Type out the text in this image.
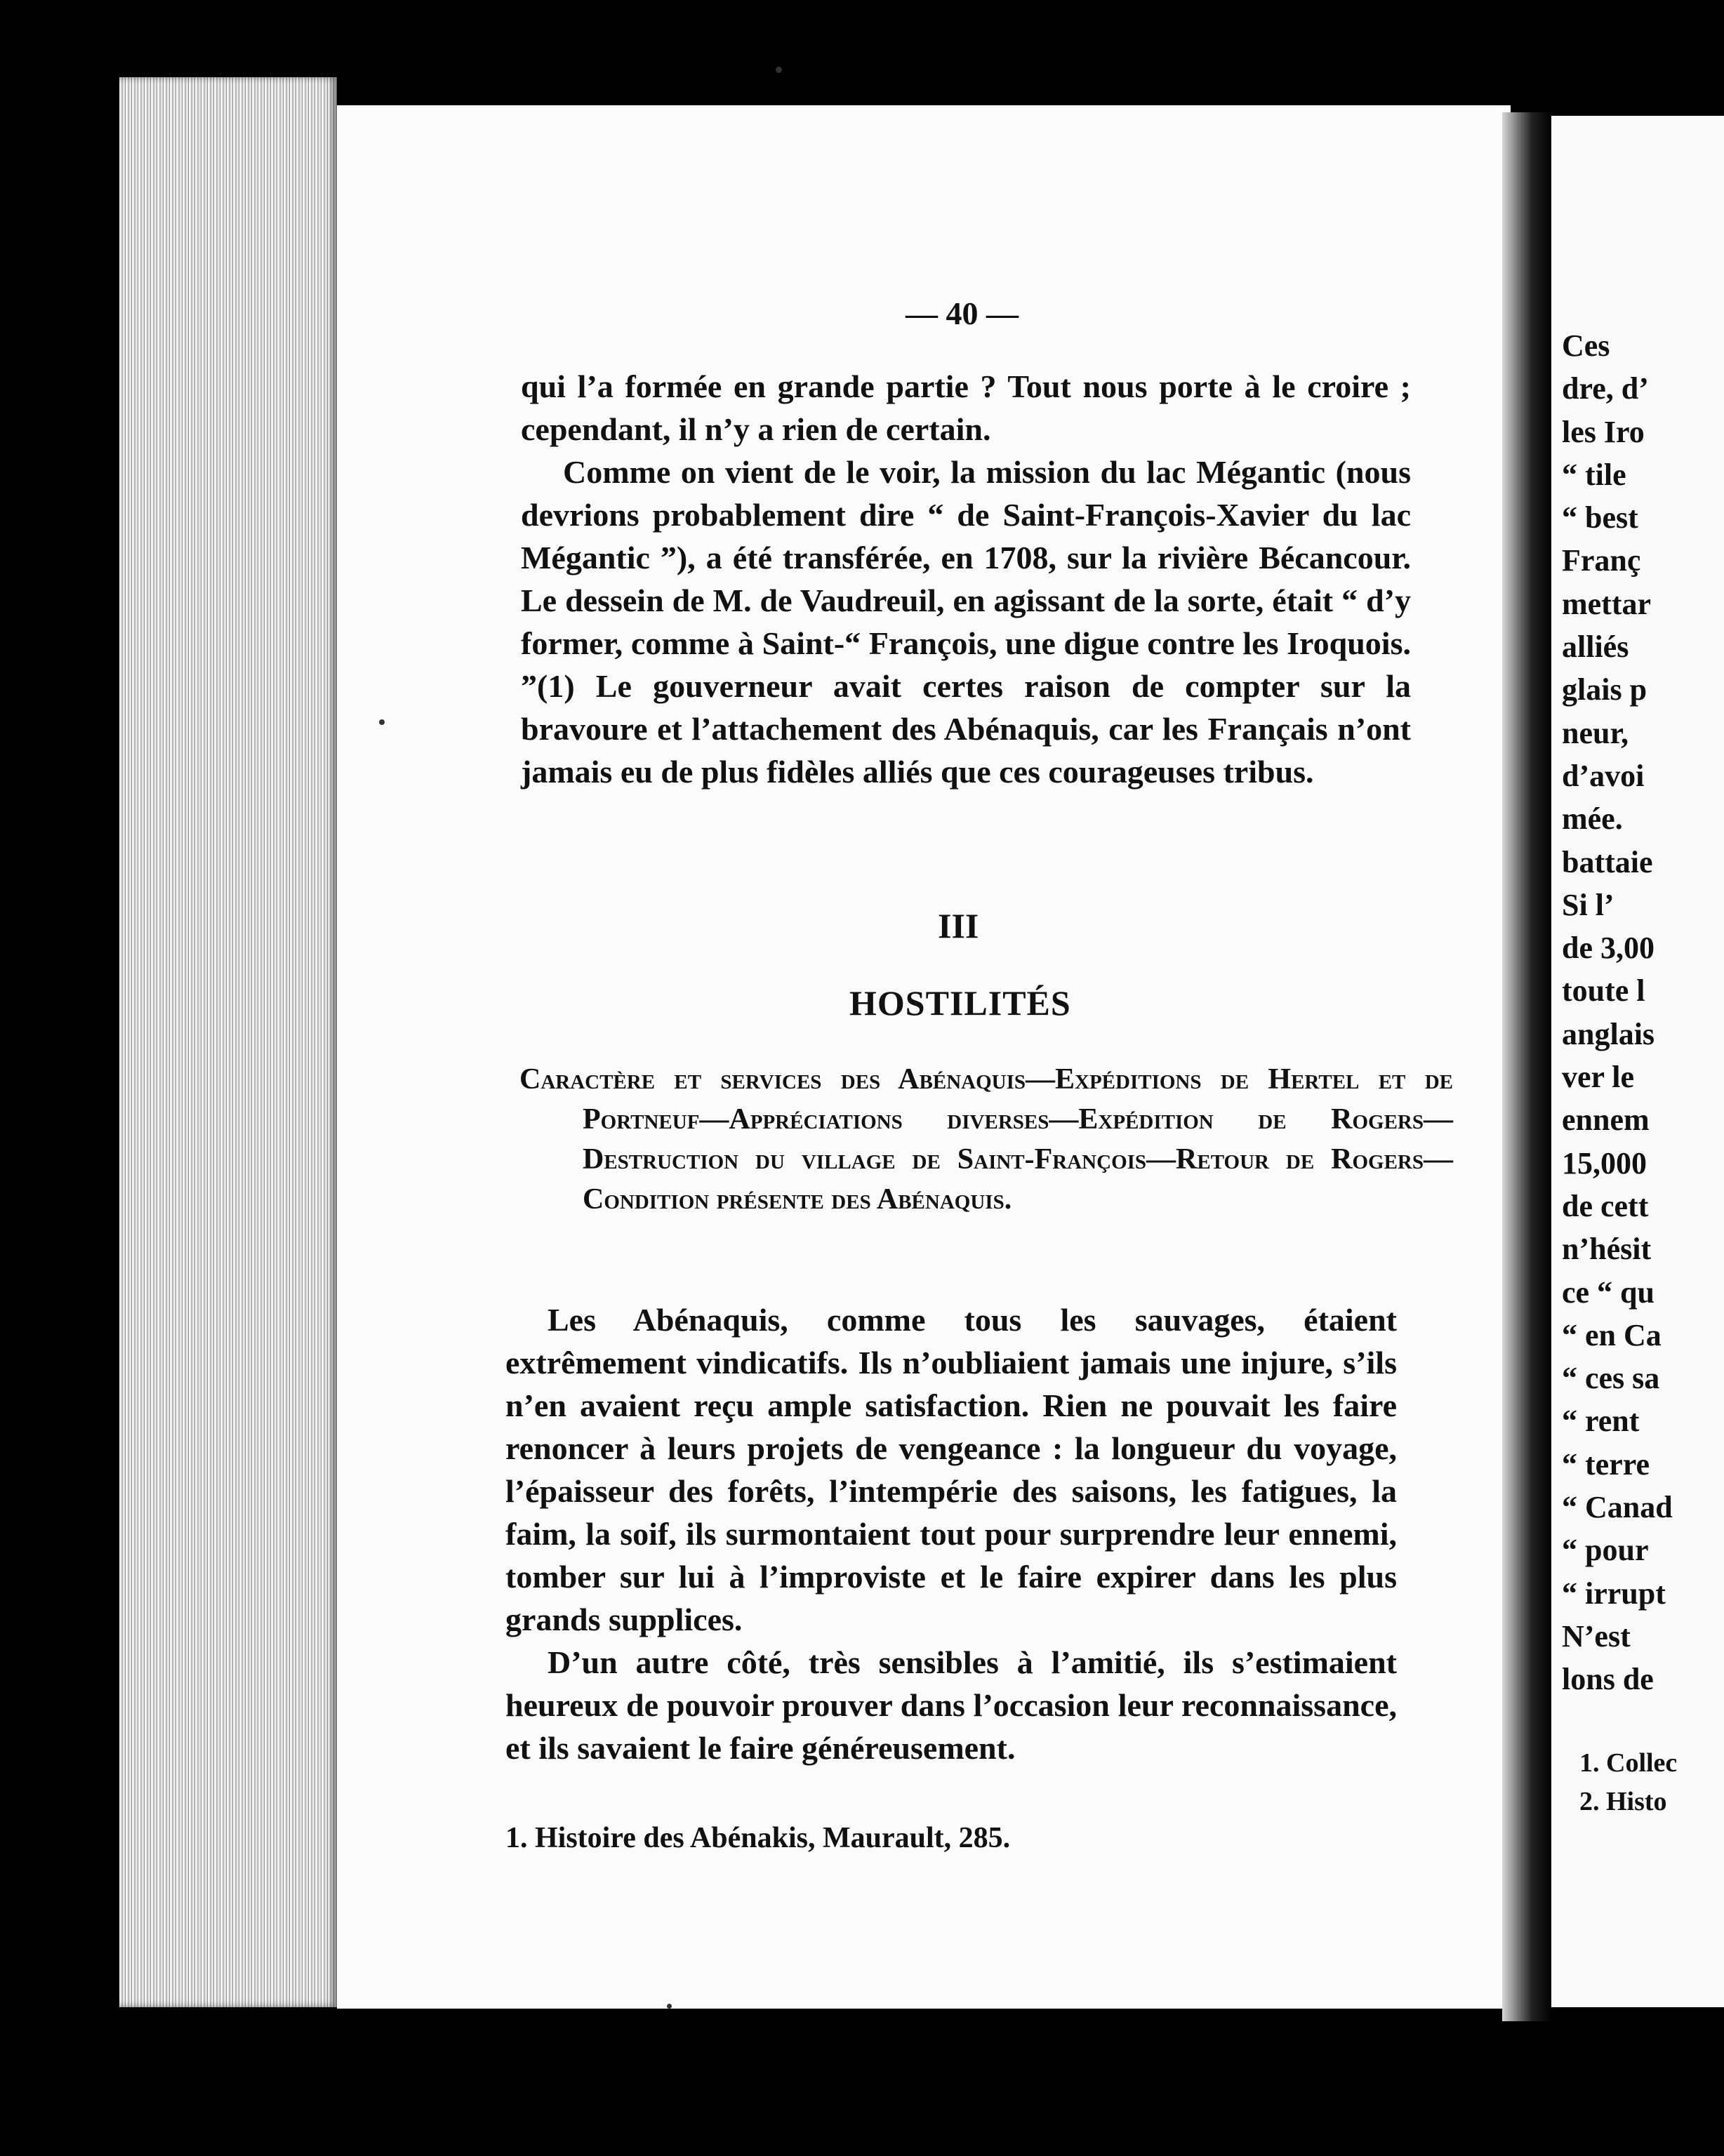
— 40 —

qui l’a formée en grande partie ? Tout nous porte à le croire ; cependant, il n’y a rien de certain.

Comme on vient de le voir, la mission du lac Mégantic (nous devrions probablement dire “ de Saint-François-Xavier du lac Mégantic ”), a été transférée, en 1708, sur la rivière Bécancour. Le dessein de M. de Vaudreuil, en agissant de la sorte, était “ d’y former, comme à Saint-“ François, une digue contre les Iroquois. ”(1) Le gouverneur avait certes raison de compter sur la bravoure et l’attachement des Abénaquis, car les Français n’ont jamais eu de plus fidèles alliés que ces courageuses tribus.

III
HOSTILITÉS
Caractère et services des Abénaquis—Expéditions de Hertel et de Portneuf—Appréciations diverses—Expédition de Rogers—Destruction du village de Saint-François—Retour de Rogers—Condition présente des Abénaquis.

Les Abénaquis, comme tous les sauvages, étaient extrêmement vindicatifs. Ils n’oubliaient jamais une injure, s’ils n’en avaient reçu ample satisfaction. Rien ne pouvait les faire renoncer à leurs projets de vengeance : la longueur du voyage, l’épaisseur des forêts, l’intempérie des saisons, les fatigues, la faim, la soif, ils surmontaient tout pour surprendre leur ennemi, tomber sur lui à l’improviste et le faire expirer dans les plus grands supplices.

D’un autre côté, très sensibles à l’amitié, ils s’estimaient heureux de pouvoir prouver dans l’occasion leur reconnaissance, et ils savaient le faire généreusement.

1. Histoire des Abénakis, Maurault, 285.
Ces
dre, d’
les Iro
“ tile
“ best
Franç
mettar
alliés
glais p
neur,
d’avoi
mée.
battaie
Si l’
de 3,00
toute l
anglais
ver le
ennem
15,000
de cett
n’hésit
ce “ qu
“ en Ca
“ ces sa
“ rent
“ terre
“ Canad
“ pour
“ irrupt
N’est
lons de
1. Collec
2. Histo
